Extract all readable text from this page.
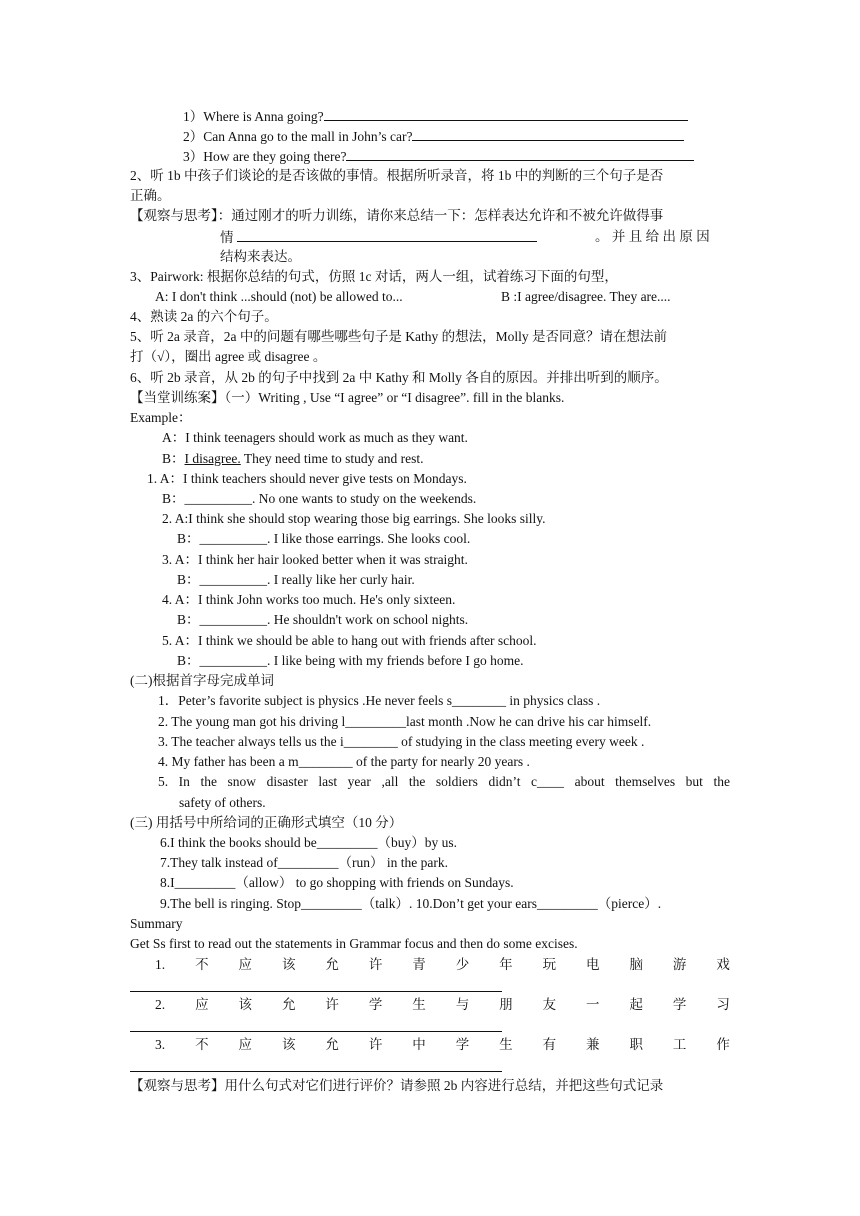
1）Where is Anna going?
2）Can Anna go to the mall in John’s car?
3）How are they going there?
2、听 1b 中孩子们谈论的是否该做的事情。根据所听录音，将 1b 中的判断的三个句子是否
正确。
【观察与思考】：通过刚才的听力训练，请你来总结一下：怎样表达允许和不被允许做得事
情	。 并 且 给 出 原 因
结构来表达。
3、Pairwork: 根据你总结的句式，仿照 1c 对话，两人一组，试着练习下面的句型，
A: I don't think ...should (not) be allowed to...	B :I agree/disagree. They are....
4、熟读 2a 的六个句子。
5、听 2a 录音，2a 中的问题有哪些哪些句子是 Kathy 的想法，Molly 是否同意？请在想法前
打（√），圈出 agree 或 disagree 。
6、听 2b 录音，从 2b 的句子中找到 2a 中 Kathy 和 Molly 各自的原因。并排出听到的顺序。
【当堂训练案】（一）Writing , Use “I agree” or “I disagree”. fill in the blanks.
Example：
A：I think teenagers should work as much as they want.
B：I disagree. They need time to study and rest.
1. A：I think teachers should never give tests on Mondays.
B：__________. No one wants to study on the weekends.
2. A:I think she should stop wearing those big earrings. She looks silly.
B：__________. I like those earrings. She looks cool.
3. A：I think her hair looked better when it was straight.
B：__________. I really like her curly hair.
4. A：I think John works too much. He's only sixteen.
B：__________. He shouldn't work on school nights.
5. A：I think we should be able to hang out with friends after school.
B：__________. I like being with my friends before I go home.
(二)根据首字母完成单词
1．Peter’s favorite subject is physics .He never feels s________ in physics class .
2. The young man got his driving l_________last month .Now he can drive his car himself.
3. The teacher always tells us the i________ of studying in the class meeting every week .
4. My father has been a m________ of the party for nearly 20 years .
5. In the snow disaster last year ,all the soldiers didn’t c____ about themselves but the
safety of others.
(三) 用括号中所给词的正确形式填空（10 分）
6.I think the books should be_________（buy）by us.
7.They talk instead of_________（run） in the park.
8.I_________（allow） to go shopping with friends on Sundays.
9.The bell is ringing. Stop_________（talk）. 10.Don’t get your ears_________（pierce）.
Summary
Get Ss first to read out the statements in Grammar focus and then do some excises.
1. 不 应 该 允 许 青 少 年 玩 电 脑 游 戏
2. 应 该 允 许 学 生 与 朋 友 一 起 学 习
3. 不 应 该 允 许 中 学 生 有 兼 职 工 作
【观察与思考】用什么句式对它们进行评价？请参照 2b 内容进行总结，并把这些句式记录
